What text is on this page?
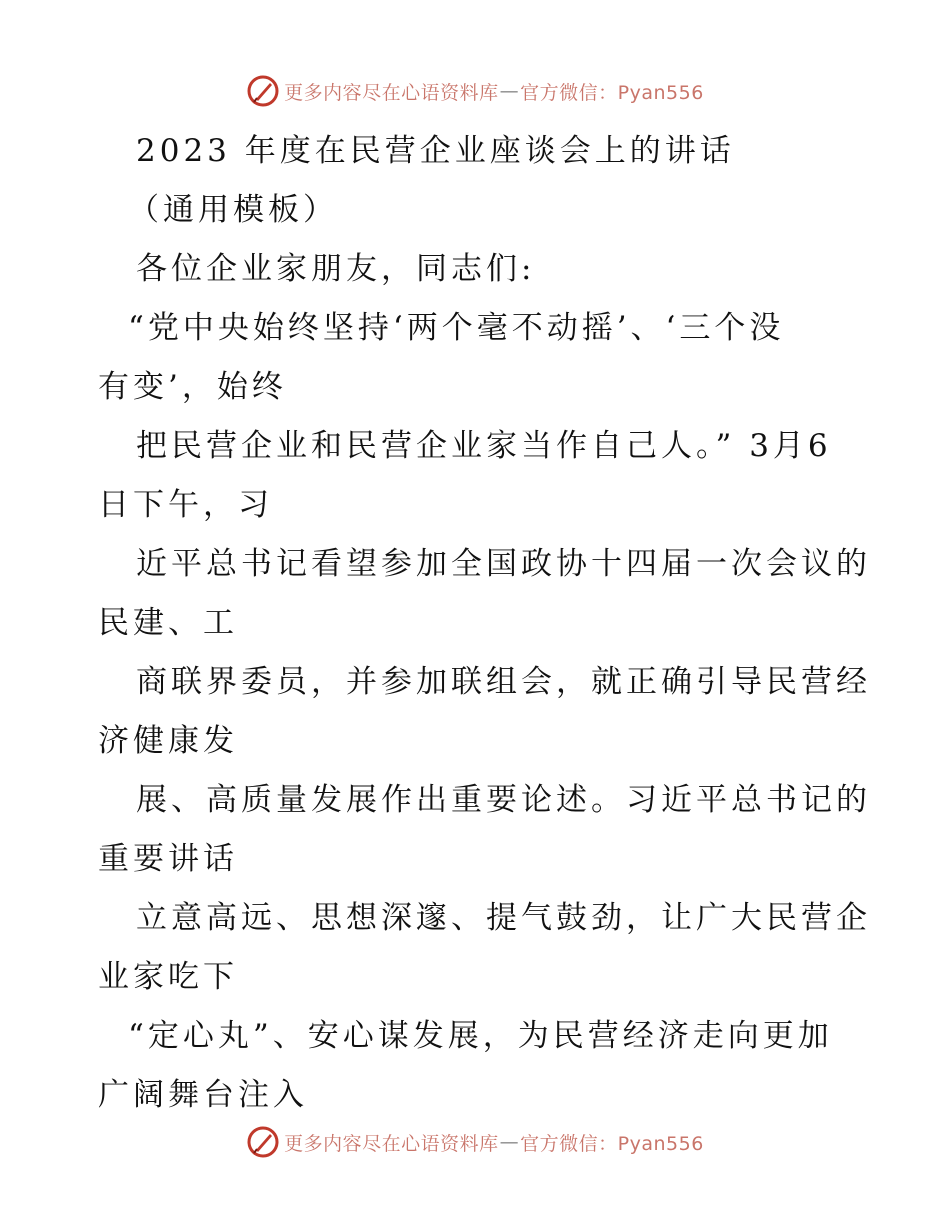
更多内容尽在心语资料库 — 官方微信：Pyan556
2023 年度在民营企业座谈会上的讲话
（通用模板）
各位企业家朋友，同志们:
“党中央始终坚持‘两个毫不动摇’、‘三个没
有变’，始终
把民营企业和民营企业家当作自己人。” 3月6
日下午，习
近平总书记看望参加全国政协十四届一次会议的
民建、工
商联界委员，并参加联组会，就正确引导民营经
济健康发
展、高质量发展作出重要论述。习近平总书记的
重要讲话
立意高远、思想深邃、提气鼓劲，让广大民营企
业家吃下
“定心丸”、安心谋发展，为民营经济走向更加
广阔舞台注入
更多内容尽在心语资料库 — 官方微信：Pyan556
